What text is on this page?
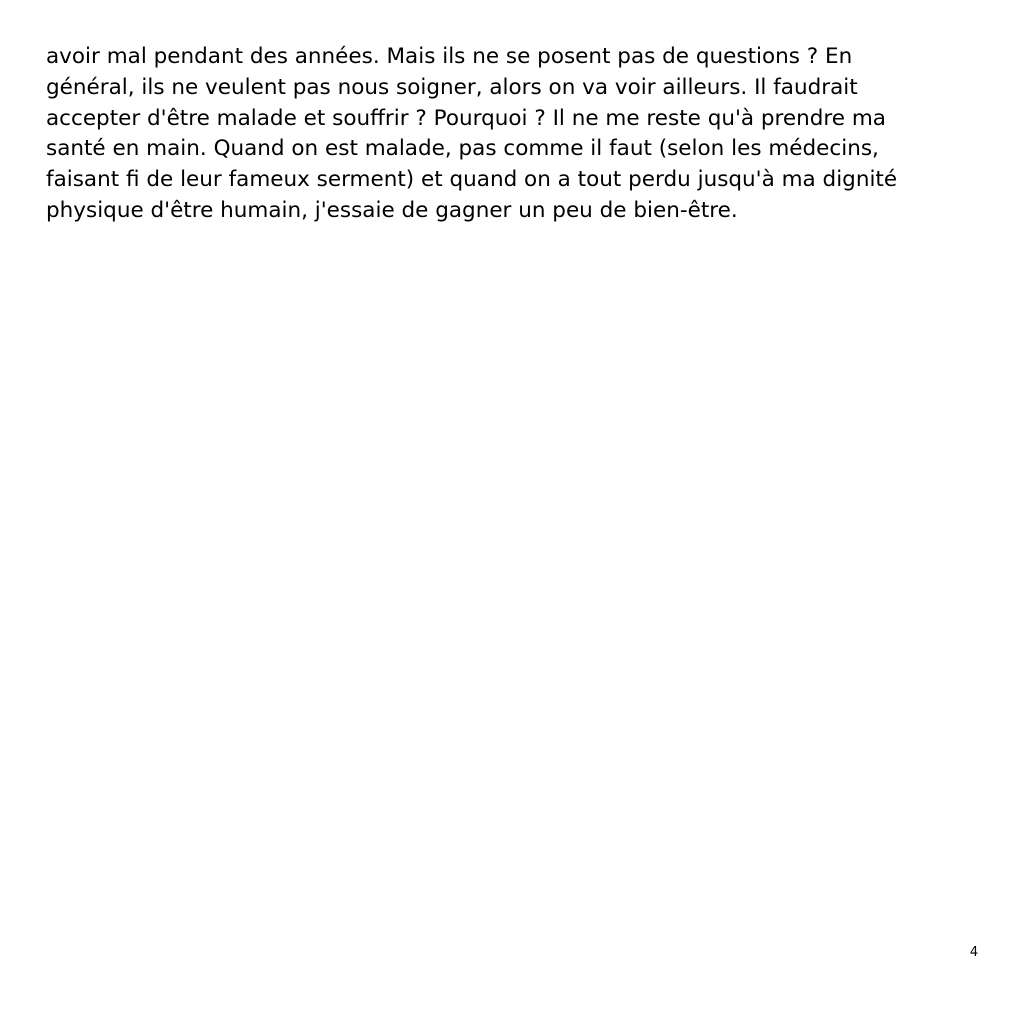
avoir mal pendant des années. Mais ils ne se posent pas de questions ? En
général, ils ne veulent pas nous soigner, alors on va voir ailleurs. Il faudrait
accepter d'être malade et souffrir ? Pourquoi ? Il ne me reste qu'à prendre ma
santé en main. Quand on est malade, pas comme il faut (selon les médecins,
faisant fi de leur fameux serment) et quand on a tout perdu jusqu'à ma dignité
physique d'être humain, j'essaie de gagner un peu de bien-être.

4
